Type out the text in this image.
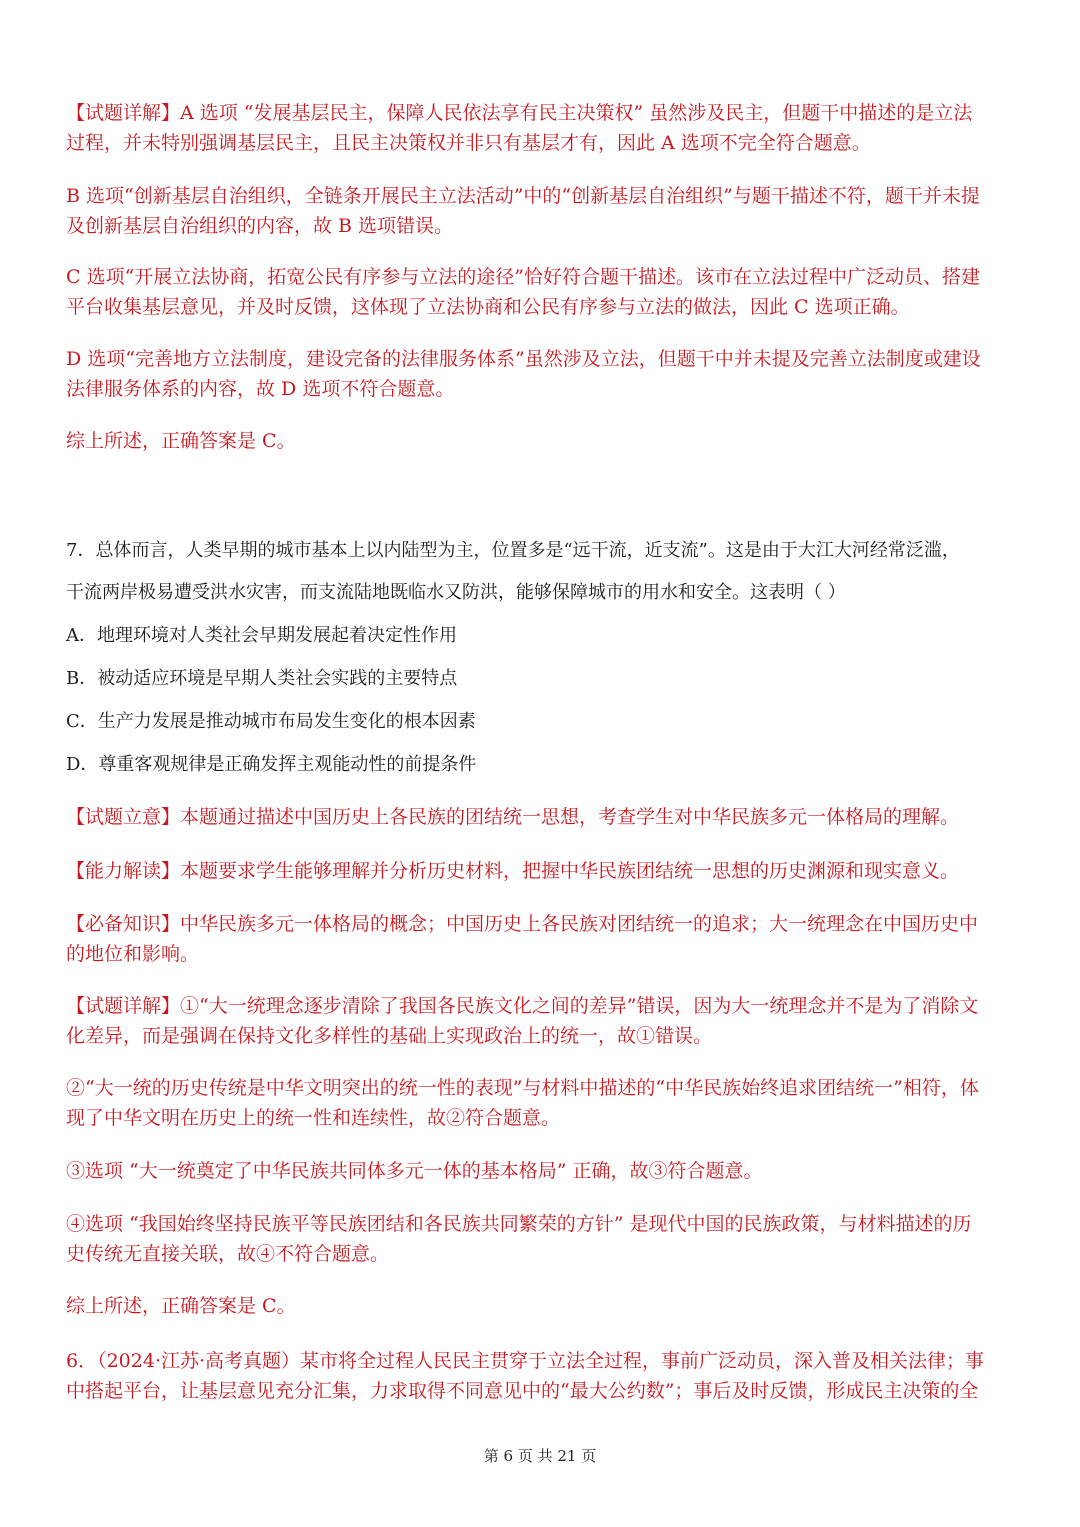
【试题详解】A 选项 “发展基层民主，保障人民依法享有民主决策权” 虽然涉及民主，但题干中描述的是立法
过程，并未特别强调基层民主，且民主决策权并非只有基层才有，因此 A 选项不完全符合题意。

B 选项“创新基层自治组织，全链条开展民主立法活动”中的“创新基层自治组织”与题干描述不符，题干并未提
及创新基层自治组织的内容，故 B 选项错误。

C 选项“开展立法协商，拓宽公民有序参与立法的途径”恰好符合题干描述。该市在立法过程中广泛动员、搭建
平台收集基层意见，并及时反馈，这体现了立法协商和公民有序参与立法的做法，因此 C 选项正确。

D 选项“完善地方立法制度，建设完备的法律服务体系”虽然涉及立法，但题干中并未提及完善立法制度或建设
法律服务体系的内容，故 D 选项不符合题意。

综上所述，正确答案是 C。

7．总体而言，人类早期的城市基本上以内陆型为主，位置多是“远干流，近支流”。这是由于大江大河经常泛滥，
干流两岸极易遭受洪水灾害，而支流陆地既临水又防洪，能够保障城市的用水和安全。这表明（ ）

A．地理环境对人类社会早期发展起着决定性作用
B．被动适应环境是早期人类社会实践的主要特点
C．生产力发展是推动城市布局发生变化的根本因素
D．尊重客观规律是正确发挥主观能动性的前提条件

【试题立意】本题通过描述中国历史上各民族的团结统一思想，考查学生对中华民族多元一体格局的理解。

【能力解读】本题要求学生能够理解并分析历史材料，把握中华民族团结统一思想的历史渊源和现实意义。

【必备知识】中华民族多元一体格局的概念；中国历史上各民族对团结统一的追求；大一统理念在中国历史中
的地位和影响。

【试题详解】①“大一统理念逐步清除了我国各民族文化之间的差异”错误，因为大一统理念并不是为了消除文
化差异，而是强调在保持文化多样性的基础上实现政治上的统一，故①错误。

②“大一统的历史传统是中华文明突出的统一性的表现”与材料中描述的“中华民族始终追求团结统一”相符，体
现了中华文明在历史上的统一性和连续性，故②符合题意。

③选项 “大一统奠定了中华民族共同体多元一体的基本格局” 正确，故③符合题意。

④选项 “我国始终坚持民族平等民族团结和各民族共同繁荣的方针” 是现代中国的民族政策，与材料描述的历
史传统无直接关联，故④不符合题意。

综上所述，正确答案是 C。

6．（2024·江苏·高考真题）某市将全过程人民民主贯穿于立法全过程，事前广泛动员，深入普及相关法律；事
中搭起平台，让基层意见充分汇集，力求取得不同意见中的“最大公约数”；事后及时反馈，形成民主决策的全

第 6 页 共 21 页
